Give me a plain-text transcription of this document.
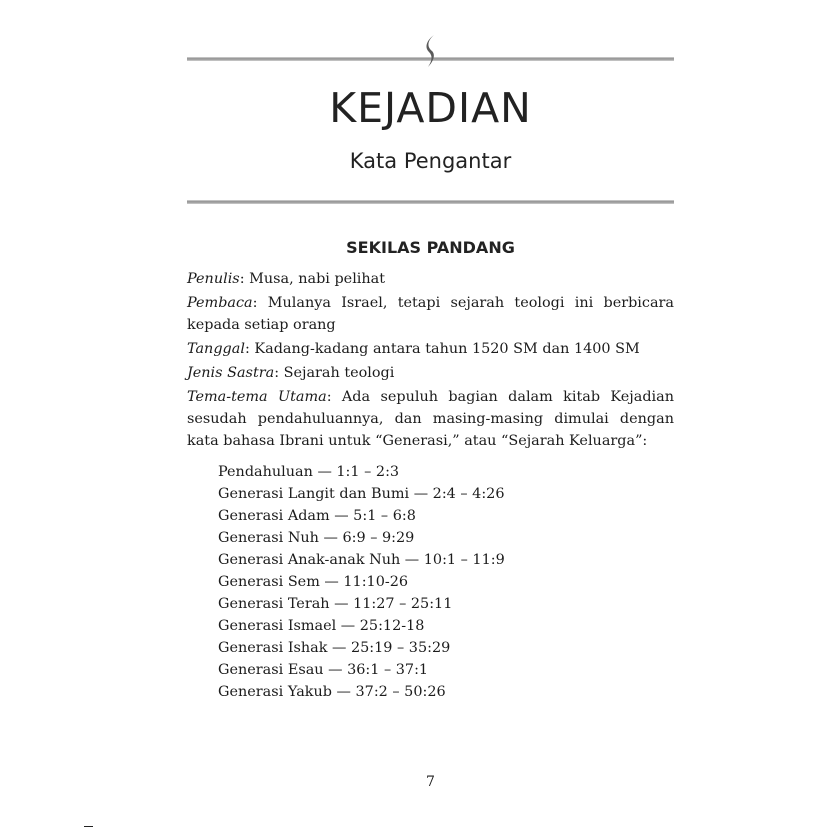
KEJADIAN
Kata Pengantar
SEKILAS PANDANG

Penulis: Musa, nabi pelihat

Pembaca: Mulanya Israel, tetapi sejarah teologi ini berbicara kepada setiap orang

Tanggal: Kadang-kadang antara tahun 1520 SM dan 1400 SM

Jenis Sastra: Sejarah teologi

Tema-tema Utama: Ada sepuluh bagian dalam kitab Kejadian sesudah pendahuluannya, dan masing-masing dimulai dengan kata bahasa Ibrani untuk “Generasi,” atau “Sejarah Keluarga”:

Pendahuluan — 1:1 – 2:3
Generasi Langit dan Bumi — 2:4 – 4:26
Generasi Adam — 5:1 – 6:8
Generasi Nuh — 6:9 – 9:29
Generasi Anak-anak Nuh — 10:1 – 11:9
Generasi Sem — 11:10-26
Generasi Terah — 11:27 – 25:11
Generasi Ismael — 25:12-18
Generasi Ishak — 25:19 – 35:29
Generasi Esau — 36:1 – 37:1
Generasi Yakub — 37:2 – 50:26
7
